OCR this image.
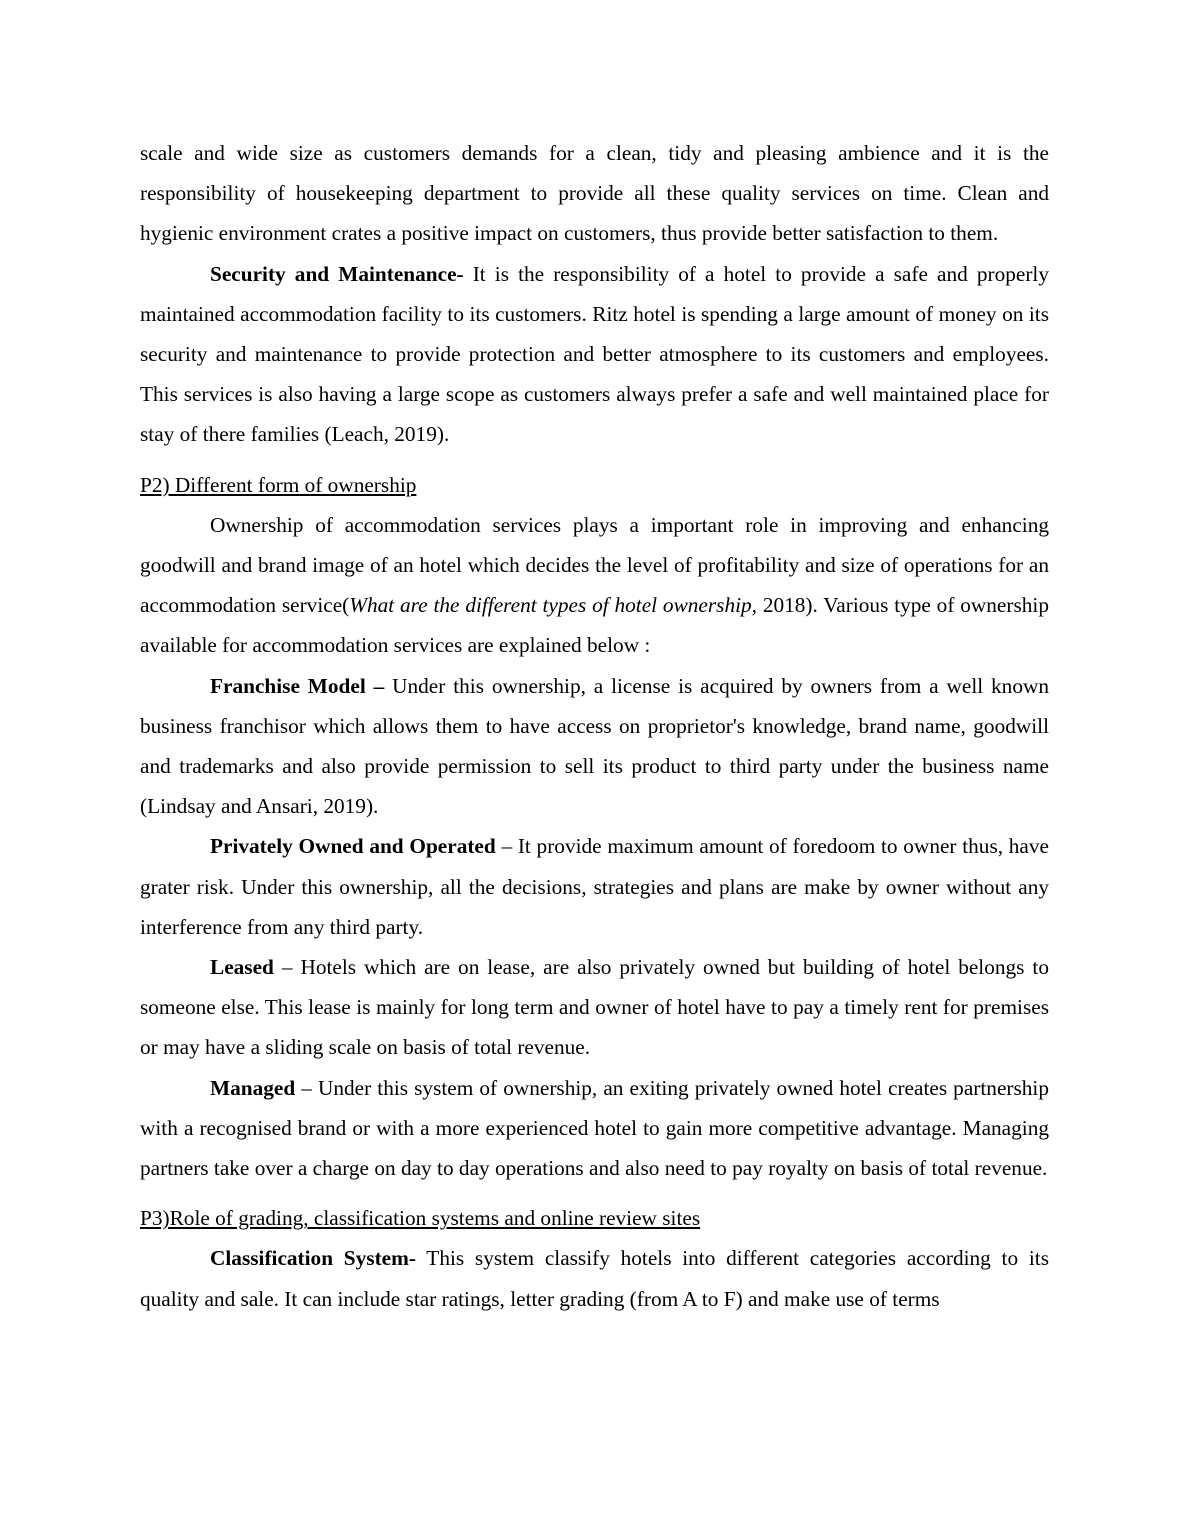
scale and wide size as customers demands for a clean, tidy and pleasing ambience and it is the responsibility of housekeeping department to provide all these quality services on time. Clean and hygienic environment crates a positive impact on customers, thus provide better satisfaction to them.

Security and Maintenance- It is the responsibility of a hotel to provide a safe and properly maintained accommodation facility to its customers. Ritz hotel is spending a large amount of money on its security and maintenance to provide protection and better atmosphere to its customers and employees. This services is also having a large scope as customers always prefer a safe and well maintained place for stay of there families (Leach, 2019).

P2) Different form of ownership

Ownership of accommodation services plays a important role in improving and enhancing goodwill and brand image of an hotel which decides the level of profitability and size of operations for an accommodation service(What are the different types of hotel ownership, 2018). Various type of ownership available for accommodation services are explained below :

Franchise Model – Under this ownership, a license is acquired by owners from a well known business franchisor which allows them to have access on proprietor's knowledge, brand name, goodwill and trademarks and also provide permission to sell its product to third party under the business name (Lindsay and Ansari, 2019).

Privately Owned and Operated – It provide maximum amount of foredoom to owner thus, have grater risk. Under this ownership, all the decisions, strategies and plans are make by owner without any interference from any third party.

Leased – Hotels which are on lease, are also privately owned but building of hotel belongs to someone else. This lease is mainly for long term and owner of hotel have to pay a timely rent for premises or may have a sliding scale on basis of total revenue.

Managed – Under this system of ownership, an exiting privately owned hotel creates partnership with a recognised brand or with a more experienced hotel to gain more competitive advantage. Managing partners take over a charge on day to day operations and also need to pay royalty on basis of total revenue.

P3)Role of grading, classification systems and online review sites

Classification System- This system classify hotels into different categories according to its quality and sale. It can include star ratings, letter grading (from A to F) and make use of terms
